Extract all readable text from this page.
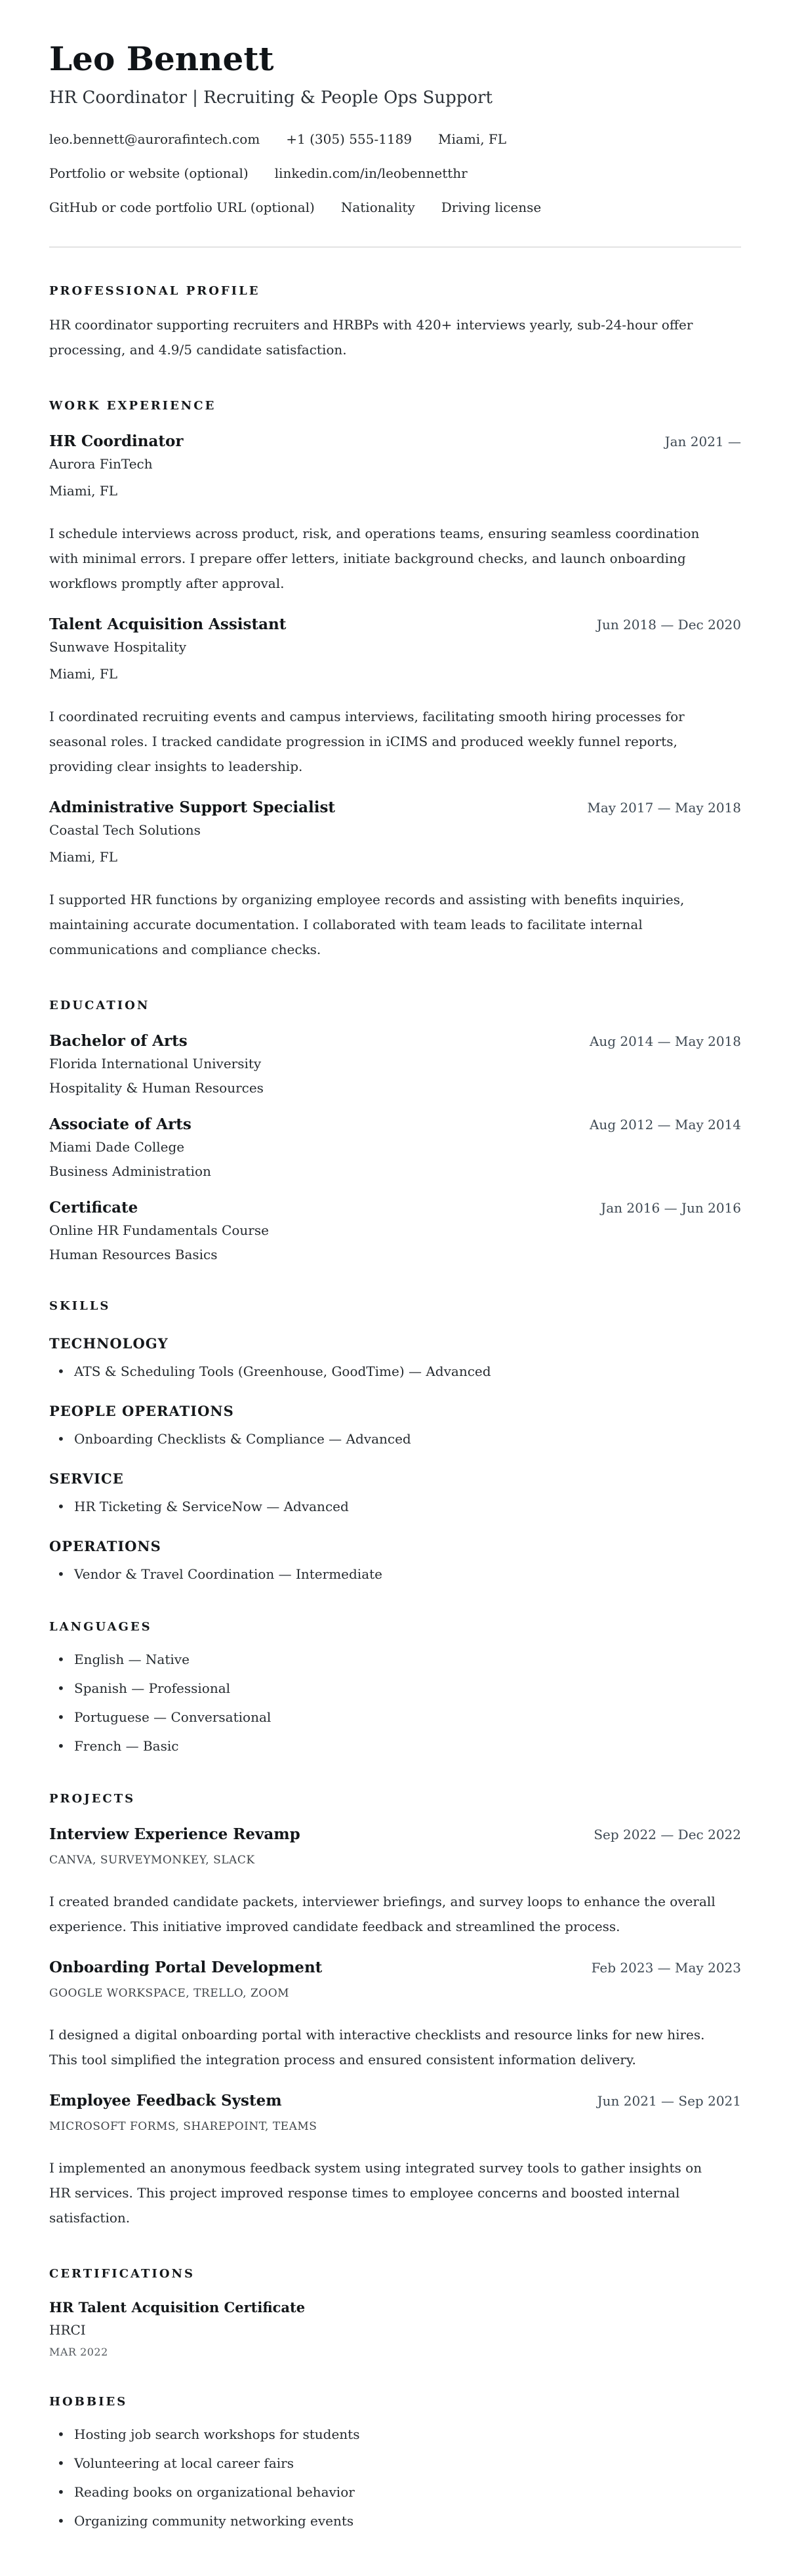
Leo Bennett
HR Coordinator | Recruiting & People Ops Support
leo.bennett@aurorafintech.com +1 (305) 555-1189 Miami, FL
Portfolio or website (optional) linkedin.com/in/leobennetthr
GitHub or code portfolio URL (optional) Nationality Driving license
PROFESSIONAL PROFILE

HR coordinator supporting recruiters and HRBPs with 420+ interviews yearly, sub-24-hour offer processing, and 4.9/5 candidate satisfaction.

WORK EXPERIENCE
HR Coordinator	Jan 2021 —
Aurora FinTech
Miami, FL

I schedule interviews across product, risk, and operations teams, ensuring seamless coordination with minimal errors. I prepare offer letters, initiate background checks, and launch onboarding workflows promptly after approval.

Talent Acquisition Assistant	Jun 2018 — Dec 2020
Sunwave Hospitality
Miami, FL

I coordinated recruiting events and campus interviews, facilitating smooth hiring processes for seasonal roles. I tracked candidate progression in iCIMS and produced weekly funnel reports, providing clear insights to leadership.

Administrative Support Specialist	May 2017 — May 2018
Coastal Tech Solutions
Miami, FL

I supported HR functions by organizing employee records and assisting with benefits inquiries, maintaining accurate documentation. I collaborated with team leads to facilitate internal communications and compliance checks.

EDUCATION
Bachelor of Arts	Aug 2014 — May 2018
Florida International University
Hospitality & Human Resources
Associate of Arts	Aug 2012 — May 2014
Miami Dade College
Business Administration
Certificate	Jan 2016 — Jun 2016
Online HR Fundamentals Course
Human Resources Basics
SKILLS
TECHNOLOGY
• ATS & Scheduling Tools (Greenhouse, GoodTime) — Advanced
PEOPLE OPERATIONS
• Onboarding Checklists & Compliance — Advanced
SERVICE
• HR Ticketing & ServiceNow — Advanced
OPERATIONS
• Vendor & Travel Coordination — Intermediate
LANGUAGES
• English — Native
• Spanish — Professional
• Portuguese — Conversational
• French — Basic
PROJECTS
Interview Experience Revamp	Sep 2022 — Dec 2022
CANVA, SURVEYMONKEY, SLACK

I created branded candidate packets, interviewer briefings, and survey loops to enhance the overall experience. This initiative improved candidate feedback and streamlined the process.

Onboarding Portal Development	Feb 2023 — May 2023
GOOGLE WORKSPACE, TRELLO, ZOOM

I designed a digital onboarding portal with interactive checklists and resource links for new hires. This tool simplified the integration process and ensured consistent information delivery.

Employee Feedback System	Jun 2021 — Sep 2021
MICROSOFT FORMS, SHAREPOINT, TEAMS

I implemented an anonymous feedback system using integrated survey tools to gather insights on HR services. This project improved response times to employee concerns and boosted internal satisfaction.

CERTIFICATIONS
HR Talent Acquisition Certificate
HRCI
MAR 2022
HOBBIES
• Hosting job search workshops for students
• Volunteering at local career fairs
• Reading books on organizational behavior
• Organizing community networking events
